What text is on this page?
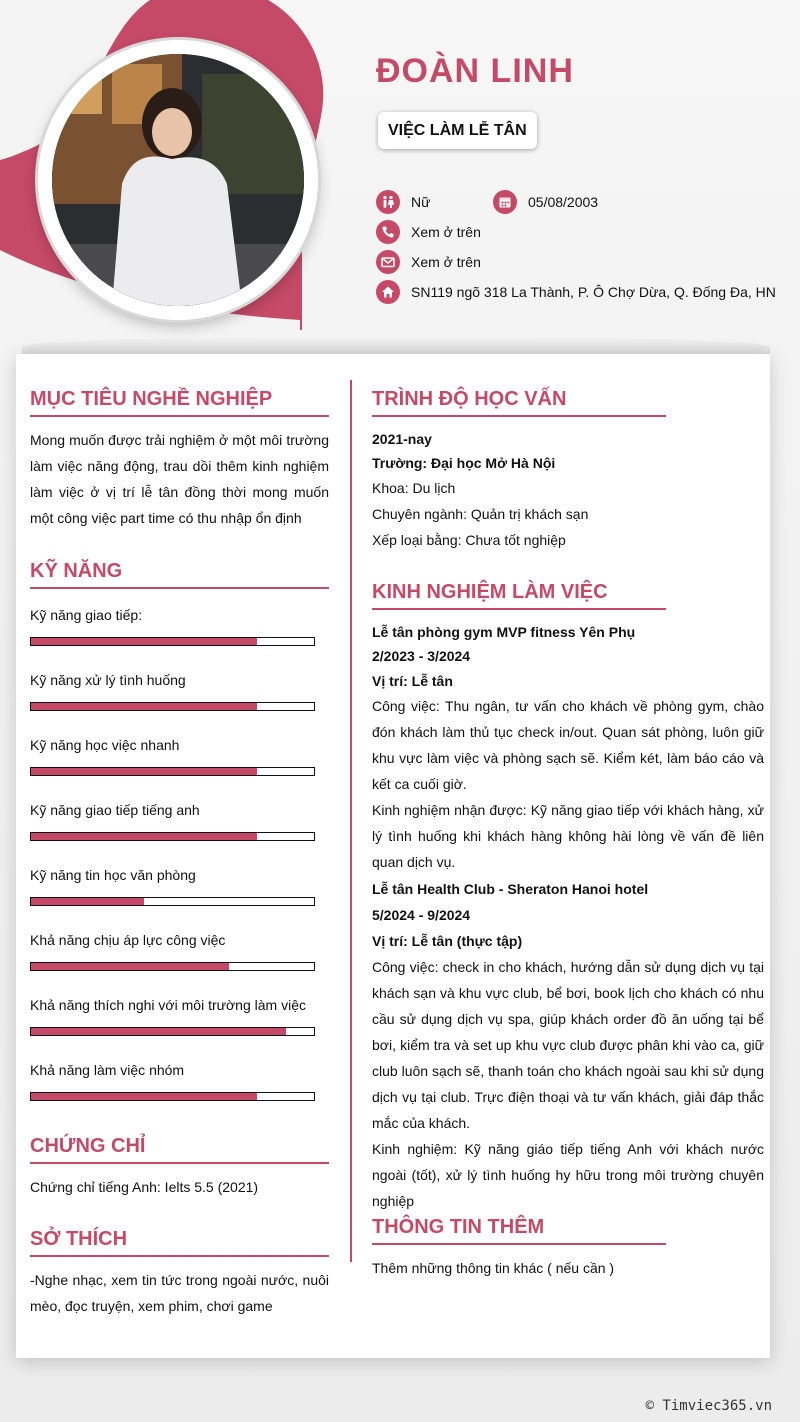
ĐOÀN LINH
VIỆC LÀM LỄ TÂN
Nữ	05/08/2003
Xem ở trên
Xem ở trên
SN119 ngõ 318 La Thành, P. Ô Chợ Dừa, Q. Đống Đa, HN
MỤC TIÊU NGHỀ NGHIỆP
Mong muốn được trải nghiệm ở một môi trường làm việc năng động, trau dồi thêm kinh nghiệm làm việc ở vị trí lễ tân đồng thời mong muốn một công việc part time có thu nhập ổn định
KỸ NĂNG
Kỹ năng giao tiếp:
Kỹ năng xử lý tình huống
Kỹ năng học việc nhanh
Kỹ năng giao tiếp tiếng anh
Kỹ năng tin học văn phòng
Khả năng chịu áp lực công việc
Khả năng thích nghi với môi trường làm việc
Khả năng làm việc nhóm
CHỨNG CHỈ
Chứng chỉ tiếng Anh: Ielts 5.5 (2021)
SỞ THÍCH
-Nghe nhạc, xem tin tức trong ngoài nước, nuôi mèo, đọc truyện, xem phim, chơi game
TRÌNH ĐỘ HỌC VẤN
2021-nay
Trường: Đại học Mở Hà Nội
Khoa: Du lịch
Chuyên ngành: Quản trị khách sạn
Xếp loại bằng: Chưa tốt nghiệp
KINH NGHIỆM LÀM VIỆC
Lễ tân phòng gym MVP fitness Yên Phụ
2/2023 - 3/2024
Vị trí: Lễ tân
Công việc: Thu ngân, tư vấn cho khách về phòng gym, chào đón khách làm thủ tục check in/out. Quan sát phòng, luôn giữ khu vực làm việc và phòng sạch sẽ. Kiểm két, làm báo cáo và kết ca cuối giờ.
Kinh nghiệm nhận được: Kỹ năng giao tiếp với khách hàng, xử lý tình huống khi khách hàng không hài lòng về vấn đề liên quan dịch vụ.
Lễ tân Health Club - Sheraton Hanoi hotel
5/2024 - 9/2024
Vị trí: Lễ tân (thực tập)
Công việc: check in cho khách, hướng dẫn sử dụng dịch vụ tại khách sạn và khu vực club, bể bơi, book lịch cho khách có nhu cầu sử dụng dịch vụ spa, giúp khách order đồ ăn uống tại bể bơi, kiểm tra và set up khu vực club được phân khi vào ca, giữ club luôn sạch sẽ, thanh toán cho khách ngoài sau khi sử dụng dịch vụ tại club. Trực điện thoại và tư vấn khách, giải đáp thắc mắc của khách.
Kinh nghiệm: Kỹ năng giáo tiếp tiếng Anh với khách nước ngoài (tốt), xử lý tình huống hy hữu trong môi trường chuyên nghiệp
THÔNG TIN THÊM
Thêm những thông tin khác ( nếu cần )
© Timviec365.vn
